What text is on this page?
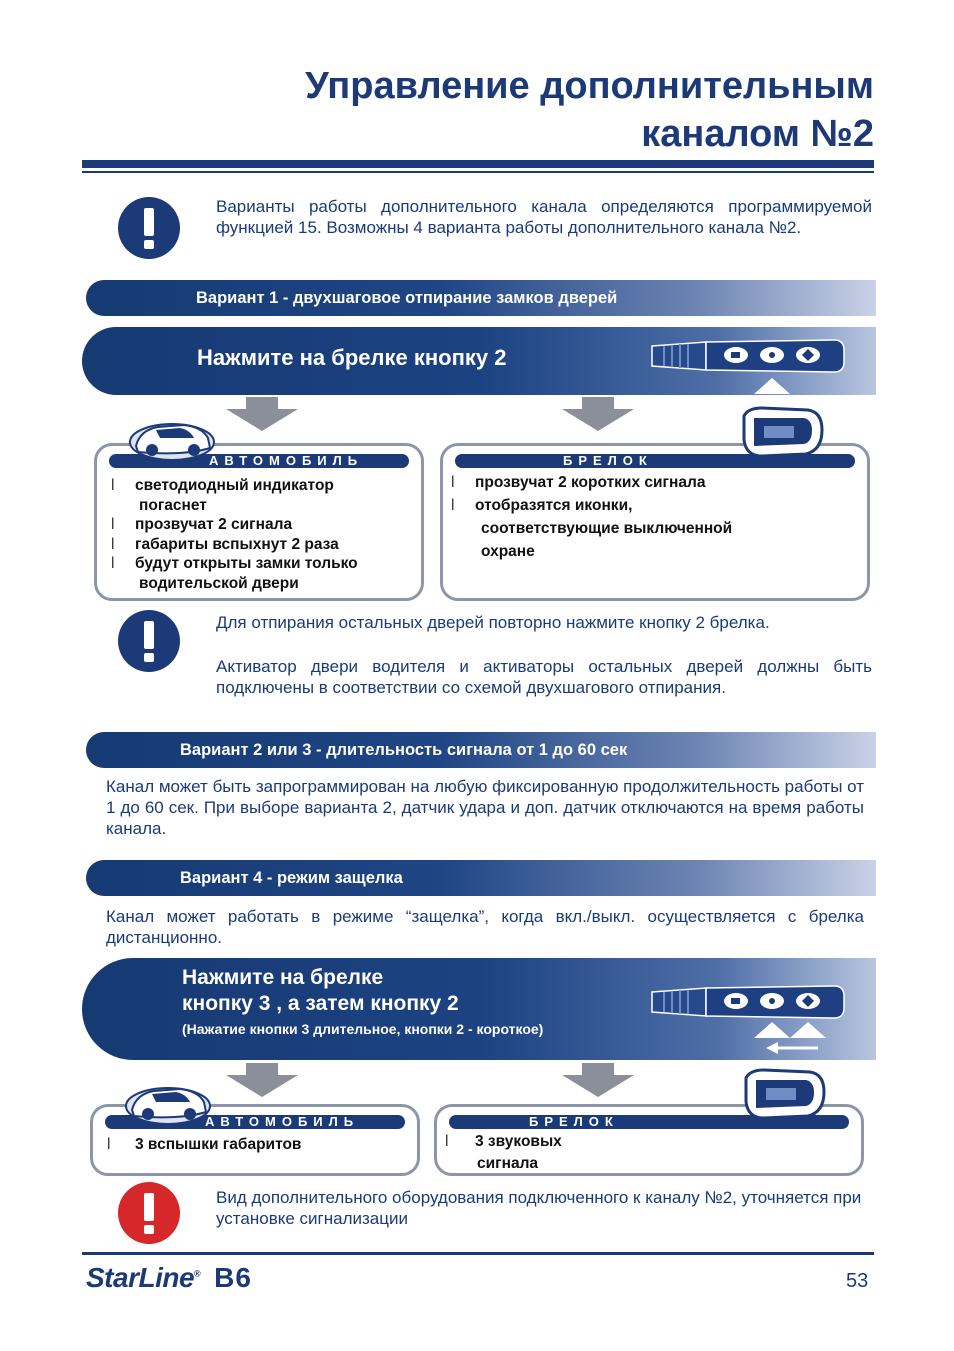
Управление дополнительным
каналом №2
Варианты работы дополнительного канала определяются программируемой функцией 15. Возможны 4 варианта работы дополнительного канала №2.
Вариант 1 - двухшаговое отпирание замков дверей
Нажмите на брелке кнопку 2
АВТОМОБИЛЬ
l светодиодный индикатор
погаснет
l прозвучат 2 сигнала
l габариты вспыхнут 2 раза
l будут открыты замки только
водительской двери
БРЕЛОК
l прозвучат 2 коротких сигнала
l отобразятся иконки,
соответствующие выключенной
охране
Для отпирания остальных дверей повторно нажмите кнопку 2 брелка.
Активатор двери водителя и активаторы остальных дверей должны быть подключены в соответствии со схемой двухшагового отпирания.
Вариант 2 или 3 - длительность сигнала от 1 до 60 сек
Канал может быть запрограммирован на любую фиксированную продолжительность работы от 1 до 60 сек. При выборе варианта 2, датчик удара и доп. датчик отключаются на время работы канала.
Вариант 4 - режим защелка
Канал может работать в режиме “защелка”, когда вкл./выкл. осуществляется с брелка дистанционно.
Нажмите на брелке
кнопку 3 , а затем кнопку 2
(Нажатие кнопки 3 длительное, кнопки 2 - короткое)
АВТОМОБИЛЬ
l 3 вспышки габаритов
БРЕЛОК
l 3 звуковых
сигнала
Вид дополнительного оборудования подключенного к каналу №2, уточняется при установке сигнализации
StarLine® B6	53
